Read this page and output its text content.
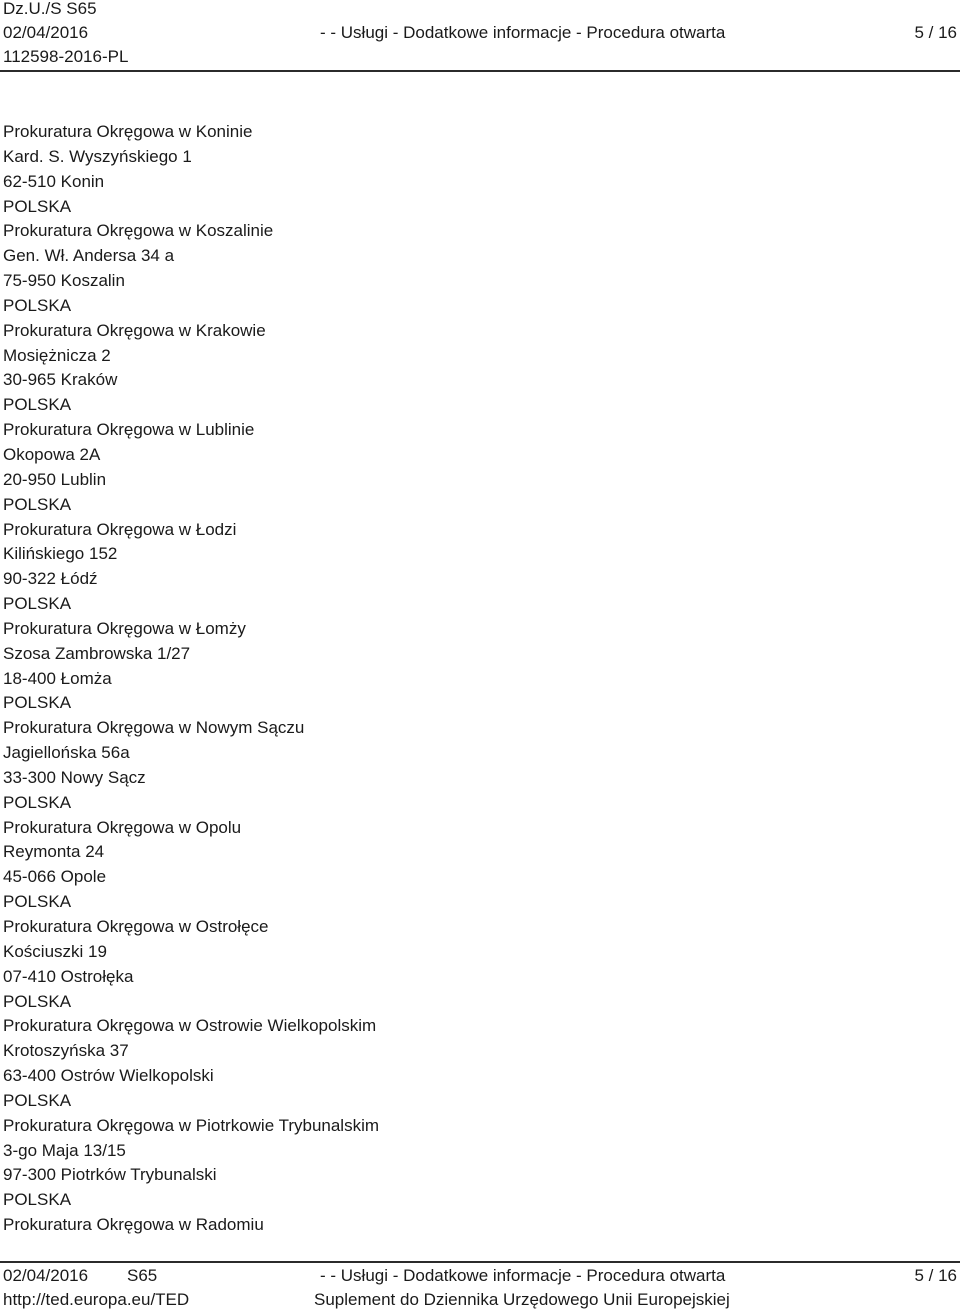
Dz.U./S S65
02/04/2016	- - Usługi - Dodatkowe informacje - Procedura otwarta	5 / 16
112598-2016-PL
Prokuratura Okręgowa w Koninie
Kard. S. Wyszyńskiego 1
62-510 Konin
POLSKA
Prokuratura Okręgowa w Koszalinie
Gen. Wł. Andersa 34 a
75-950 Koszalin
POLSKA
Prokuratura Okręgowa w Krakowie
Mosiężnicza 2
30-965 Kraków
POLSKA
Prokuratura Okręgowa w Lublinie
Okopowa 2A
20-950 Lublin
POLSKA
Prokuratura Okręgowa w Łodzi
Kilińskiego 152
90-322 Łódź
POLSKA
Prokuratura Okręgowa w Łomży
Szosa Zambrowska 1/27
18-400 Łomża
POLSKA
Prokuratura Okręgowa w Nowym Sączu
Jagiellońska 56a
33-300 Nowy Sącz
POLSKA
Prokuratura Okręgowa w Opolu
Reymonta 24
45-066 Opole
POLSKA
Prokuratura Okręgowa w Ostrołęce
Kościuszki 19
07-410 Ostrołęka
POLSKA
Prokuratura Okręgowa w Ostrowie Wielkopolskim
Krotoszyńska 37
63-400 Ostrów Wielkopolski
POLSKA
Prokuratura Okręgowa w Piotrkowie Trybunalskim
3-go Maja 13/15
97-300 Piotrków Trybunalski
POLSKA
Prokuratura Okręgowa w Radomiu
02/04/2016 S65	- - Usługi - Dodatkowe informacje - Procedura otwarta	5 / 16
http://ted.europa.eu/TED	Suplement do Dziennika Urzędowego Unii Europejskiej
